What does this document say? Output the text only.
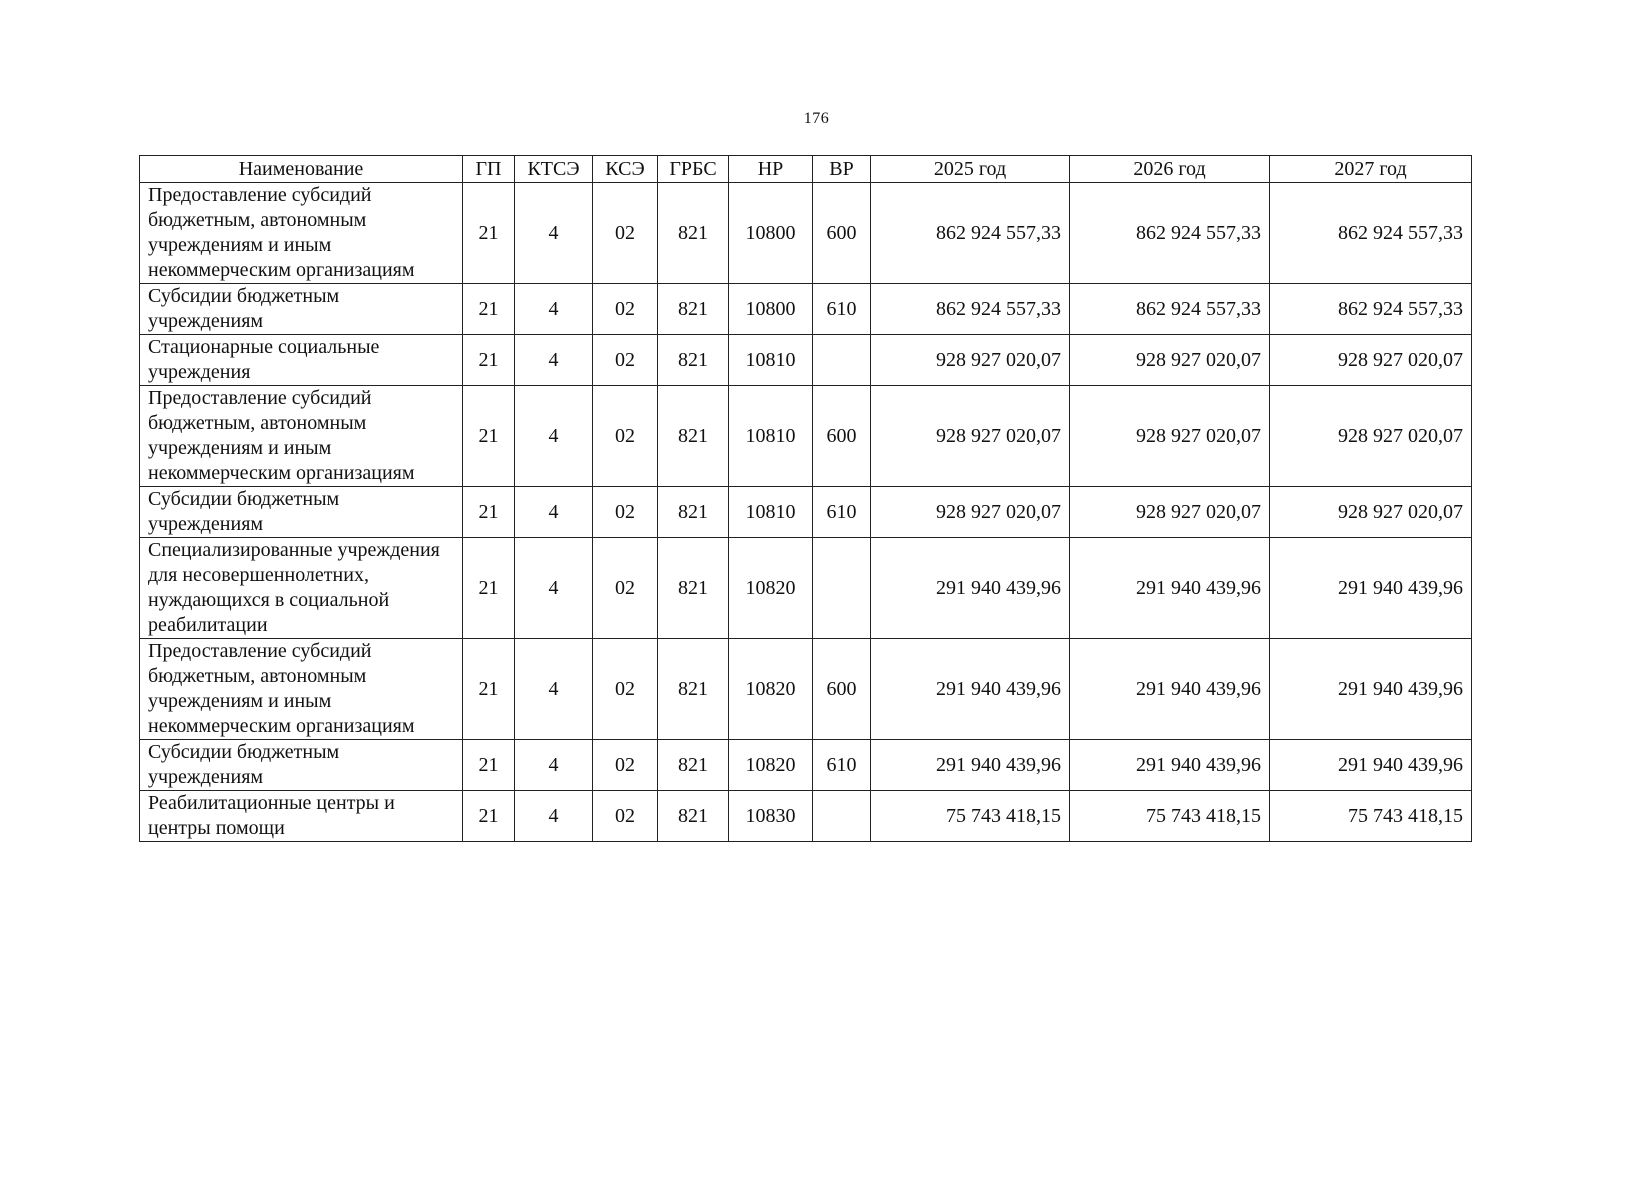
176
Наименование	ГП	КТСЭ	КСЭ	ГРБС	НР	ВР	2025 год	2026 год	2027 год
Предоставление субсидий бюджетным, автономным учреждениям и иным некоммерческим организациям	21	4	02	821	10800	600	862 924 557,33	862 924 557,33	862 924 557,33
Субсидии бюджетным учреждениям	21	4	02	821	10800	610	862 924 557,33	862 924 557,33	862 924 557,33
Стационарные социальные учреждения	21	4	02	821	10810		928 927 020,07	928 927 020,07	928 927 020,07
Предоставление субсидий бюджетным, автономным учреждениям и иным некоммерческим организациям	21	4	02	821	10810	600	928 927 020,07	928 927 020,07	928 927 020,07
Субсидии бюджетным учреждениям	21	4	02	821	10810	610	928 927 020,07	928 927 020,07	928 927 020,07
Специализированные учреждения для несовершеннолетних, нуждающихся в социальной реабилитации	21	4	02	821	10820		291 940 439,96	291 940 439,96	291 940 439,96
Предоставление субсидий бюджетным, автономным учреждениям и иным некоммерческим организациям	21	4	02	821	10820	600	291 940 439,96	291 940 439,96	291 940 439,96
Субсидии бюджетным учреждениям	21	4	02	821	10820	610	291 940 439,96	291 940 439,96	291 940 439,96
Реабилитационные центры и центры помощи	21	4	02	821	10830		75 743 418,15	75 743 418,15	75 743 418,15
